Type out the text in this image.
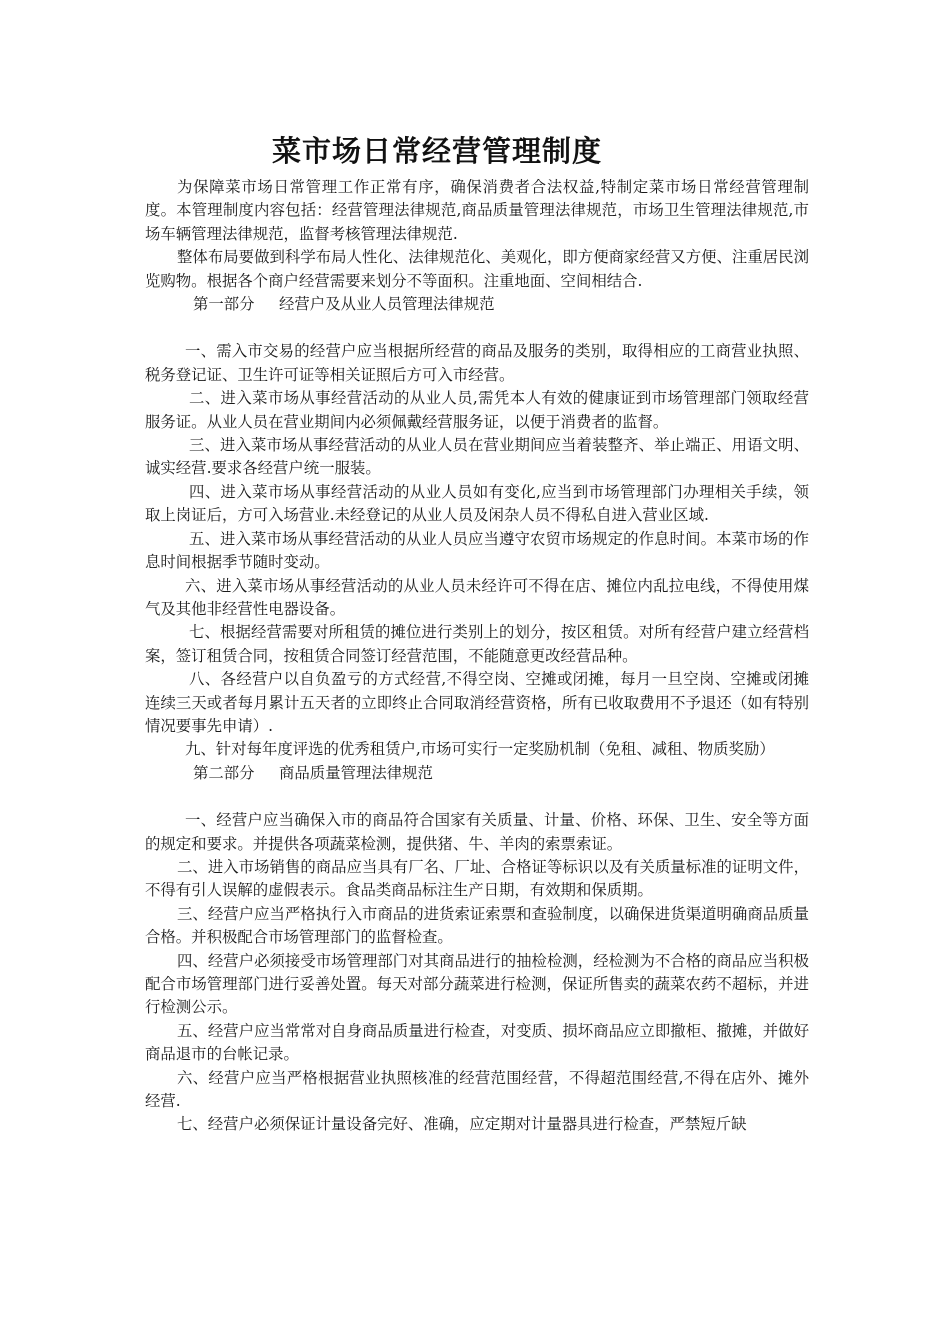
菜市场日常经营管理制度

为保障菜市场日常管理工作正常有序，确保消费者合法权益,特制定菜市场日常经营管理制度。本管理制度内容包括：经营管理法律规范,商品质量管理法律规范，市场卫生管理法律规范,市场车辆管理法律规范，监督考核管理法律规范.

整体布局要做到科学布局人性化、法律规范化、美观化，即方便商家经营又方便、注重居民浏览购物。根据各个商户经营需要来划分不等面积。注重地面、空间相结合.

第一部分     经营户及从业人员管理法律规范

一、需入市交易的经营户应当根据所经营的商品及服务的类别，取得相应的工商营业执照、税务登记证、卫生许可证等相关证照后方可入市经营。

二、进入菜市场从事经营活动的从业人员,需凭本人有效的健康证到市场管理部门领取经营服务证。从业人员在营业期间内必须佩戴经营服务证，以便于消费者的监督。

三、进入菜市场从事经营活动的从业人员在营业期间应当着装整齐、举止端正、用语文明、诚实经营.要求各经营户统一服装。

四、进入菜市场从事经营活动的从业人员如有变化,应当到市场管理部门办理相关手续，领取上岗证后，方可入场营业.未经登记的从业人员及闲杂人员不得私自进入营业区域.

五、进入菜市场从事经营活动的从业人员应当遵守农贸市场规定的作息时间。本菜市场的作息时间根据季节随时变动。

六、进入菜市场从事经营活动的从业人员未经许可不得在店、摊位内乱拉电线，不得使用煤气及其他非经营性电器设备。

七、根据经营需要对所租赁的摊位进行类别上的划分，按区租赁。对所有经营户建立经营档案，签订租赁合同，按租赁合同签订经营范围，不能随意更改经营品种。

八、各经营户以自负盈亏的方式经营,不得空岗、空摊或闭摊，每月一旦空岗、空摊或闭摊连续三天或者每月累计五天者的立即终止合同取消经营资格，所有已收取费用不予退还（如有特别情况要事先申请）.

九、针对每年度评选的优秀租赁户,市场可实行一定奖励机制（免租、减租、物质奖励）

第二部分     商品质量管理法律规范

一、经营户应当确保入市的商品符合国家有关质量、计量、价格、环保、卫生、安全等方面的规定和要求。并提供各项蔬菜检测，提供猪、牛、羊肉的索票索证。

二、进入市场销售的商品应当具有厂名、厂址、合格证等标识以及有关质量标准的证明文件，不得有引人误解的虚假表示。食品类商品标注生产日期，有效期和保质期。

三、经营户应当严格执行入市商品的进货索证索票和查验制度，以确保进货渠道明确商品质量合格。并积极配合市场管理部门的监督检查。

四、经营户必须接受市场管理部门对其商品进行的抽检检测，经检测为不合格的商品应当积极配合市场管理部门进行妥善处置。每天对部分蔬菜进行检测，保证所售卖的蔬菜农药不超标，并进行检测公示。

五、经营户应当常常对自身商品质量进行检查，对变质、损坏商品应立即撤柜、撤摊，并做好商品退市的台帐记录。

六、经营户应当严格根据营业执照核准的经营范围经营，不得超范围经营,不得在店外、摊外经营.

七、经营户必须保证计量设备完好、准确，应定期对计量器具进行检查，严禁短斤缺
